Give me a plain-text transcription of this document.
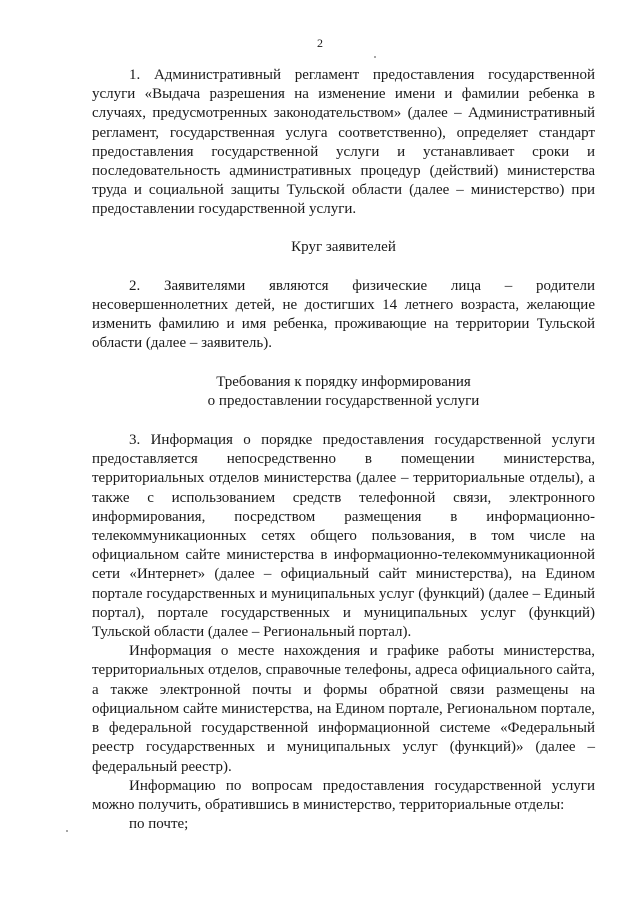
2

1. Административный регламент предоставления государственной услуги «Выдача разрешения на изменение имени и фамилии ребенка в случаях, предусмотренных законодательством» (далее – Административный регламент, государственная услуга соответственно), определяет стандарт предоставления государственной услуги и устанавливает сроки и последовательность административных процедур (действий) министерства труда и социальной защиты Тульской области (далее – министерство) при предоставлении государственной услуги.

Круг заявителей

2. Заявителями являются физические лица – родители несовершеннолетних детей, не достигших 14 летнего возраста, желающие изменить фамилию и имя ребенка, проживающие на территории Тульской области (далее – заявитель).

Требования к порядку информирования

о предоставлении государственной услуги

3. Информация о порядке предоставления государственной услуги предоставляется непосредственно в помещении министерства, территориальных отделов министерства (далее – территориальные отделы), а также с использованием средств телефонной связи, электронного информирования, посредством размещения в информационно-телекоммуникационных сетях общего пользования, в том числе на официальном сайте министерства в информационно-телекоммуникационной сети «Интернет» (далее – официальный сайт министерства), на Едином портале государственных и муниципальных услуг (функций) (далее – Единый портал), портале государственных и муниципальных услуг (функций) Тульской области (далее – Региональный портал).

Информация о месте нахождения и графике работы министерства, территориальных отделов, справочные телефоны, адреса официального сайта, а также электронной почты и формы обратной связи размещены на официальном сайте министерства, на Едином портале, Региональном портале, в федеральной государственной информационной системе «Федеральный реестр государственных и муниципальных услуг (функций)» (далее – федеральный реестр).

Информацию по вопросам предоставления государственной услуги можно получить, обратившись в министерство, территориальные отделы:

по почте;
